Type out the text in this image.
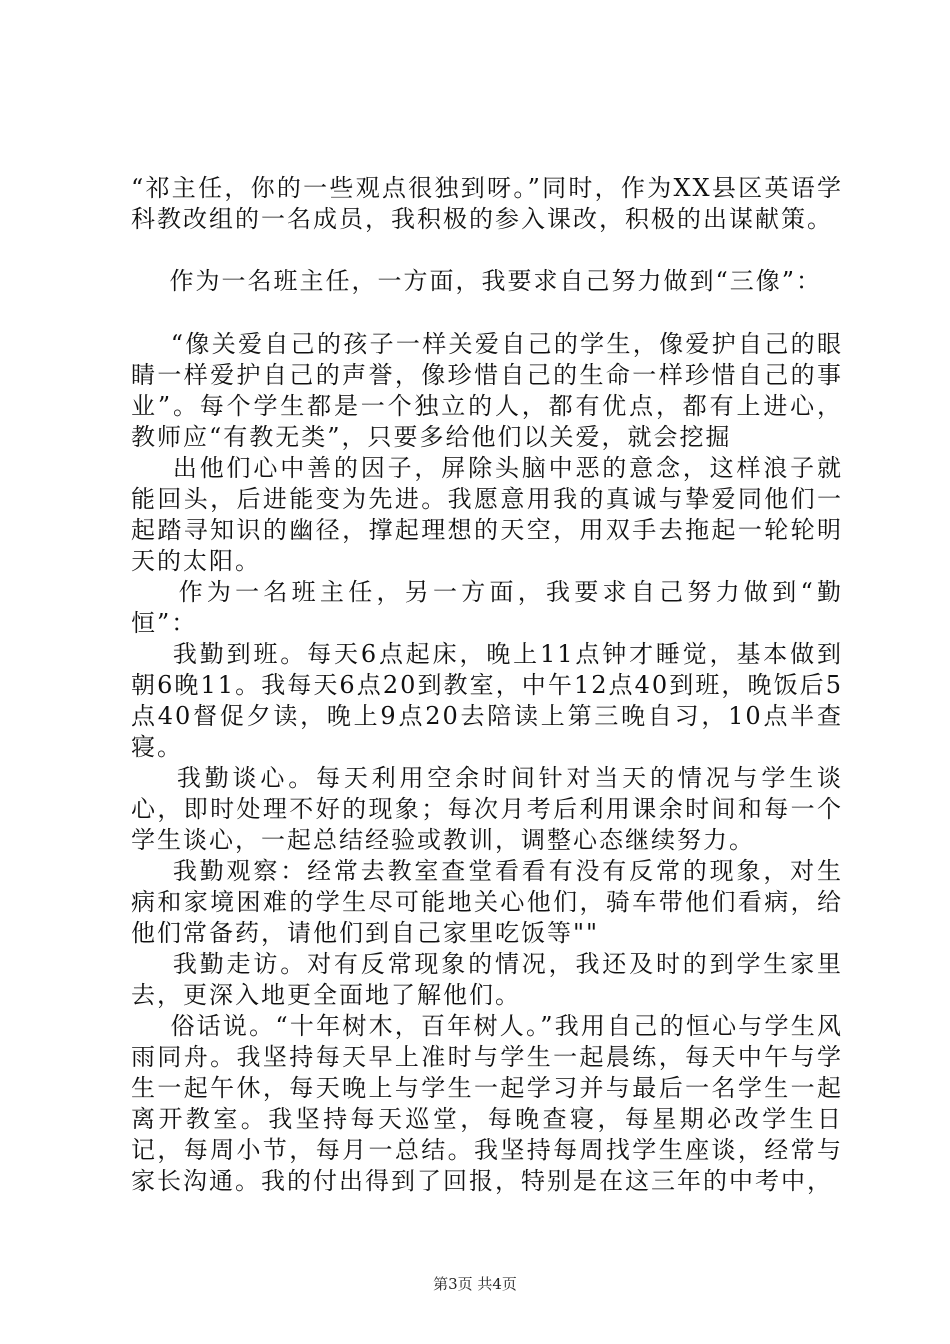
“祁主任，你的一些观点很独到呀。”同时，作为XX县区英语学科教改组的一名成员，我积极的参入课改，积极的出谋献策。

作为一名班主任，一方面，我要求自己努力做到“三像”：

“像关爱自己的孩子一样关爱自己的学生，像爱护自己的眼睛一样爱护自己的声誉，像珍惜自己的生命一样珍惜自己的事业”。每个学生都是一个独立的人，都有优点，都有上进心，教师应“有教无类”，只要多给他们以关爱，就会挖掘

出他们心中善的因子，屏除头脑中恶的意念，这样浪子就能回头，后进能变为先进。我愿意用我的真诚与挚爱同他们一起踏寻知识的幽径，撑起理想的天空，用双手去拖起一轮轮明天的太阳。

作为一名班主任，另一方面，我要求自己努力做到“勤恒”：

我勤到班。每天6点起床，晚上11点钟才睡觉，基本做到朝6晚11。我每天6点20到教室，中午12点40到班，晚饭后5点40督促夕读，晚上9点20去陪读上第三晚自习，10点半查寝。

我勤谈心。每天利用空余时间针对当天的情况与学生谈心，即时处理不好的现象；每次月考后利用课余时间和每一个学生谈心，一起总结经验或教训，调整心态继续努力。

我勤观察：经常去教室查堂看看有没有反常的现象，对生病和家境困难的学生尽可能地关心他们，骑车带他们看病，给他们常备药，请他们到自己家里吃饭等""

我勤走访。对有反常现象的情况，我还及时的到学生家里去，更深入地更全面地了解他们。

俗话说。“十年树木，百年树人。”我用自己的恒心与学生风雨同舟。我坚持每天早上准时与学生一起晨练，每天中午与学生一起午休，每天晚上与学生一起学习并与最后一名学生一起离开教室。我坚持每天巡堂，每晚查寝，每星期必改学生日记，每周小节，每月一总结。我坚持每周找学生座谈，经常与家长沟通。我的付出得到了回报，特别是在这三年的中考中，

第3页 共4页
